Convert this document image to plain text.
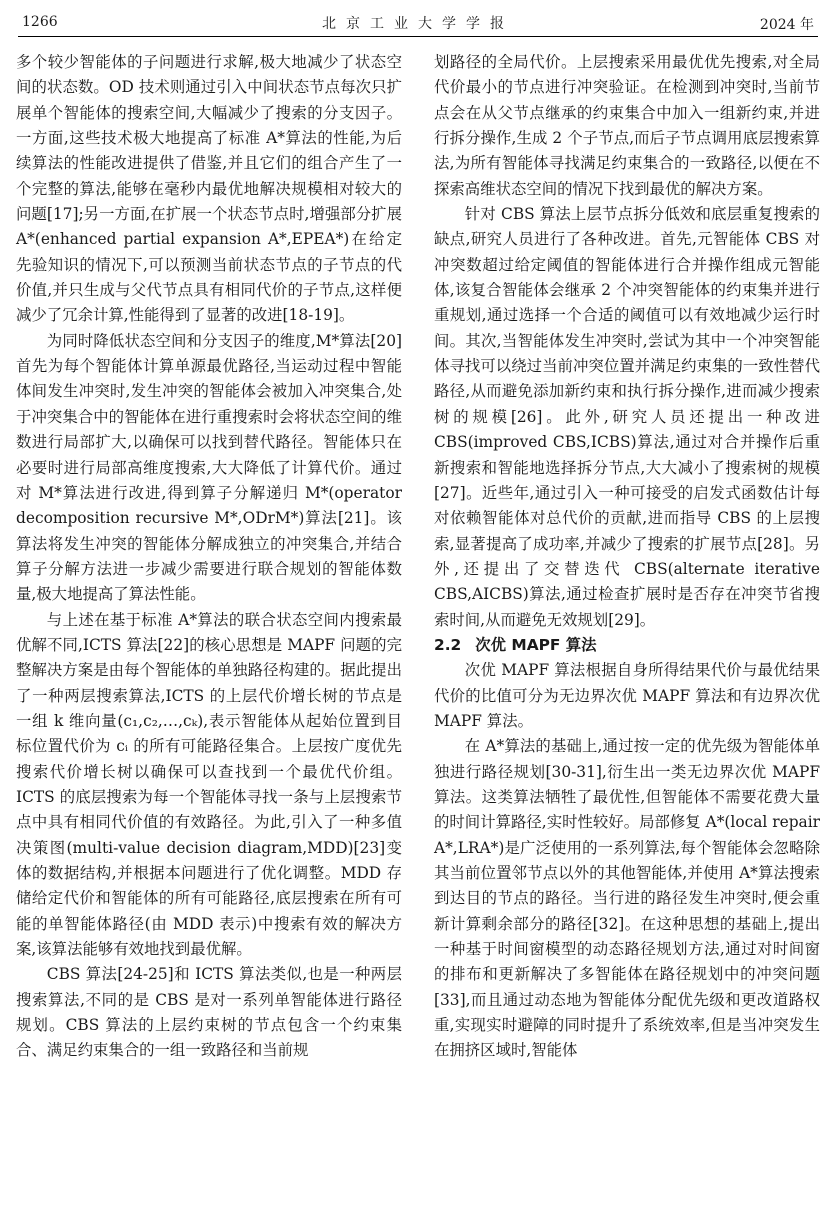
1266	北京工业大学学报	2024 年

多个较少智能体的子问题进行求解,极大地减少了状态空间的状态数。OD 技术则通过引入中间状态节点每次只扩展单个智能体的搜索空间,大幅减少了搜索的分支因子。一方面,这些技术极大地提高了标准 A*算法的性能,为后续算法的性能改进提供了借鉴,并且它们的组合产生了一个完整的算法,能够在毫秒内最优地解决规模相对较大的问题[17];另一方面,在扩展一个状态节点时,增强部分扩展 A*(enhanced partial expansion A*,EPEA*)在给定先验知识的情况下,可以预测当前状态节点的子节点的代价值,并只生成与父代节点具有相同代价的子节点,这样便减少了冗余计算,性能得到了显著的改进[18-19]。

为同时降低状态空间和分支因子的维度,M*算法[20]首先为每个智能体计算单源最优路径,当运动过程中智能体间发生冲突时,发生冲突的智能体会被加入冲突集合,处于冲突集合中的智能体在进行重搜索时会将状态空间的维数进行局部扩大,以确保可以找到替代路径。智能体只在必要时进行局部高维度搜索,大大降低了计算代价。通过对 M*算法进行改进,得到算子分解递归 M*(operator decomposition recursive M*,ODrM*)算法[21]。该算法将发生冲突的智能体分解成独立的冲突集合,并结合算子分解方法进一步减少需要进行联合规划的智能体数量,极大地提高了算法性能。

与上述在基于标准 A*算法的联合状态空间内搜索最优解不同,ICTS 算法[22]的核心思想是 MAPF 问题的完整解决方案是由每个智能体的单独路径构建的。据此提出了一种两层搜索算法,ICTS 的上层代价增长树的节点是一组 k 维向量(c₁,c₂,…,cₖ),表示智能体从起始位置到目标位置代价为 cᵢ 的所有可能路径集合。上层按广度优先搜索代价增长树以确保可以查找到一个最优代价组。ICTS 的底层搜索为每一个智能体寻找一条与上层搜索节点中具有相同代价值的有效路径。为此,引入了一种多值决策图(multi-value decision diagram,MDD)[23]变体的数据结构,并根据本问题进行了优化调整。MDD 存储给定代价和智能体的所有可能路径,底层搜索在所有可能的单智能体路径(由 MDD 表示)中搜索有效的解决方案,该算法能够有效地找到最优解。

CBS 算法[24-25]和 ICTS 算法类似,也是一种两层搜索算法,不同的是 CBS 是对一系列单智能体进行路径规划。CBS 算法的上层约束树的节点包含一个约束集合、满足约束集合的一组一致路径和当前规

划路径的全局代价。上层搜索采用最优优先搜索,对全局代价最小的节点进行冲突验证。在检测到冲突时,当前节点会在从父节点继承的约束集合中加入一组新约束,并进行拆分操作,生成 2 个子节点,而后子节点调用底层搜索算法,为所有智能体寻找满足约束集合的一致路径,以便在不探索高维状态空间的情况下找到最优的解决方案。

针对 CBS 算法上层节点拆分低效和底层重复搜索的缺点,研究人员进行了各种改进。首先,元智能体 CBS 对冲突数超过给定阈值的智能体进行合并操作组成元智能体,该复合智能体会继承 2 个冲突智能体的约束集并进行重规划,通过选择一个合适的阈值可以有效地减少运行时间。其次,当智能体发生冲突时,尝试为其中一个冲突智能体寻找可以绕过当前冲突位置并满足约束集的一致性替代路径,从而避免添加新约束和执行拆分操作,进而减少搜索树的规模[26]。此外,研究人员还提出一种改进 CBS(improved CBS,ICBS)算法,通过对合并操作后重新搜索和智能地选择拆分节点,大大减小了搜索树的规模[27]。近些年,通过引入一种可接受的启发式函数估计每对依赖智能体对总代价的贡献,进而指导 CBS 的上层搜索,显著提高了成功率,并减少了搜索的扩展节点[28]。另外,还提出了交替迭代 CBS(alternate iterative CBS,AICBS)算法,通过检查扩展时是否存在冲突节省搜索时间,从而避免无效规划[29]。

2.2 次优 MAPF 算法

次优 MAPF 算法根据自身所得结果代价与最优结果代价的比值可分为无边界次优 MAPF 算法和有边界次优 MAPF 算法。

在 A*算法的基础上,通过按一定的优先级为智能体单独进行路径规划[30-31],衍生出一类无边界次优 MAPF 算法。这类算法牺牲了最优性,但智能体不需要花费大量的时间计算路径,实时性较好。局部修复 A*(local repair A*,LRA*)是广泛使用的一系列算法,每个智能体会忽略除其当前位置邻节点以外的其他智能体,并使用 A*算法搜索到达目的节点的路径。当行进的路径发生冲突时,便会重新计算剩余部分的路径[32]。在这种思想的基础上,提出一种基于时间窗模型的动态路径规划方法,通过对时间窗的排布和更新解决了多智能体在路径规划中的冲突问题[33],而且通过动态地为智能体分配优先级和更改道路权重,实现实时避障的同时提升了系统效率,但是当冲突发生在拥挤区域时,智能体
